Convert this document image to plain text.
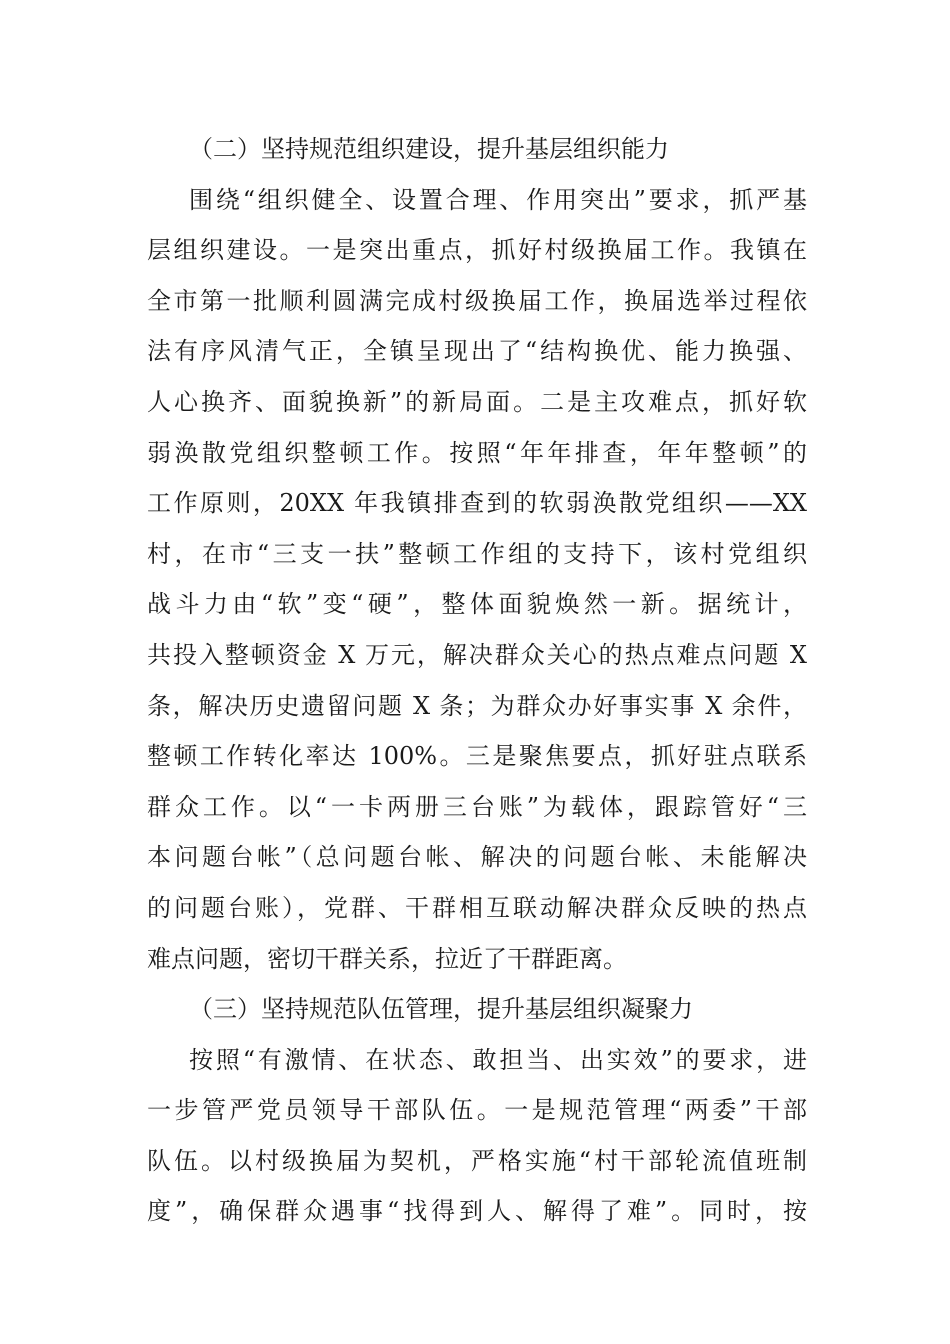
（二）坚持规范组织建设，提升基层组织能力
围绕“组织健全、设置合理、作用突出”要求，抓严基
层组织建设。一是突出重点，抓好村级换届工作。我镇在
全市第一批顺利圆满完成村级换届工作，换届选举过程依
法有序风清气正，全镇呈现出了“结构换优、能力换强、
人心换齐、面貌换新”的新局面。二是主攻难点，抓好软
弱涣散党组织整顿工作。按照“年年排查，年年整顿”的
工作原则，20XX 年我镇排查到的软弱涣散党组织——XX
村，在市“三支一扶”整顿工作组的支持下，该村党组织
战斗力由“软”变“硬”，整体面貌焕然一新。据统计，
共投入整顿资金 X 万元，解决群众关心的热点难点问题 X
条，解决历史遗留问题 X 条；为群众办好事实事 X 余件，
整顿工作转化率达 100%。三是聚焦要点，抓好驻点联系
群众工作。以“一卡两册三台账”为载体，跟踪管好“三
本问题台帐”（总问题台帐、解决的问题台帐、未能解决
的问题台账），党群、干群相互联动解决群众反映的热点
难点问题，密切干群关系，拉近了干群距离。
（三）坚持规范队伍管理，提升基层组织凝聚力
按照“有激情、在状态、敢担当、出实效”的要求，进
一步管严党员领导干部队伍。一是规范管理“两委”干部
队伍。以村级换届为契机，严格实施“村干部轮流值班制
度”，确保群众遇事“找得到人、解得了难”。同时，按
